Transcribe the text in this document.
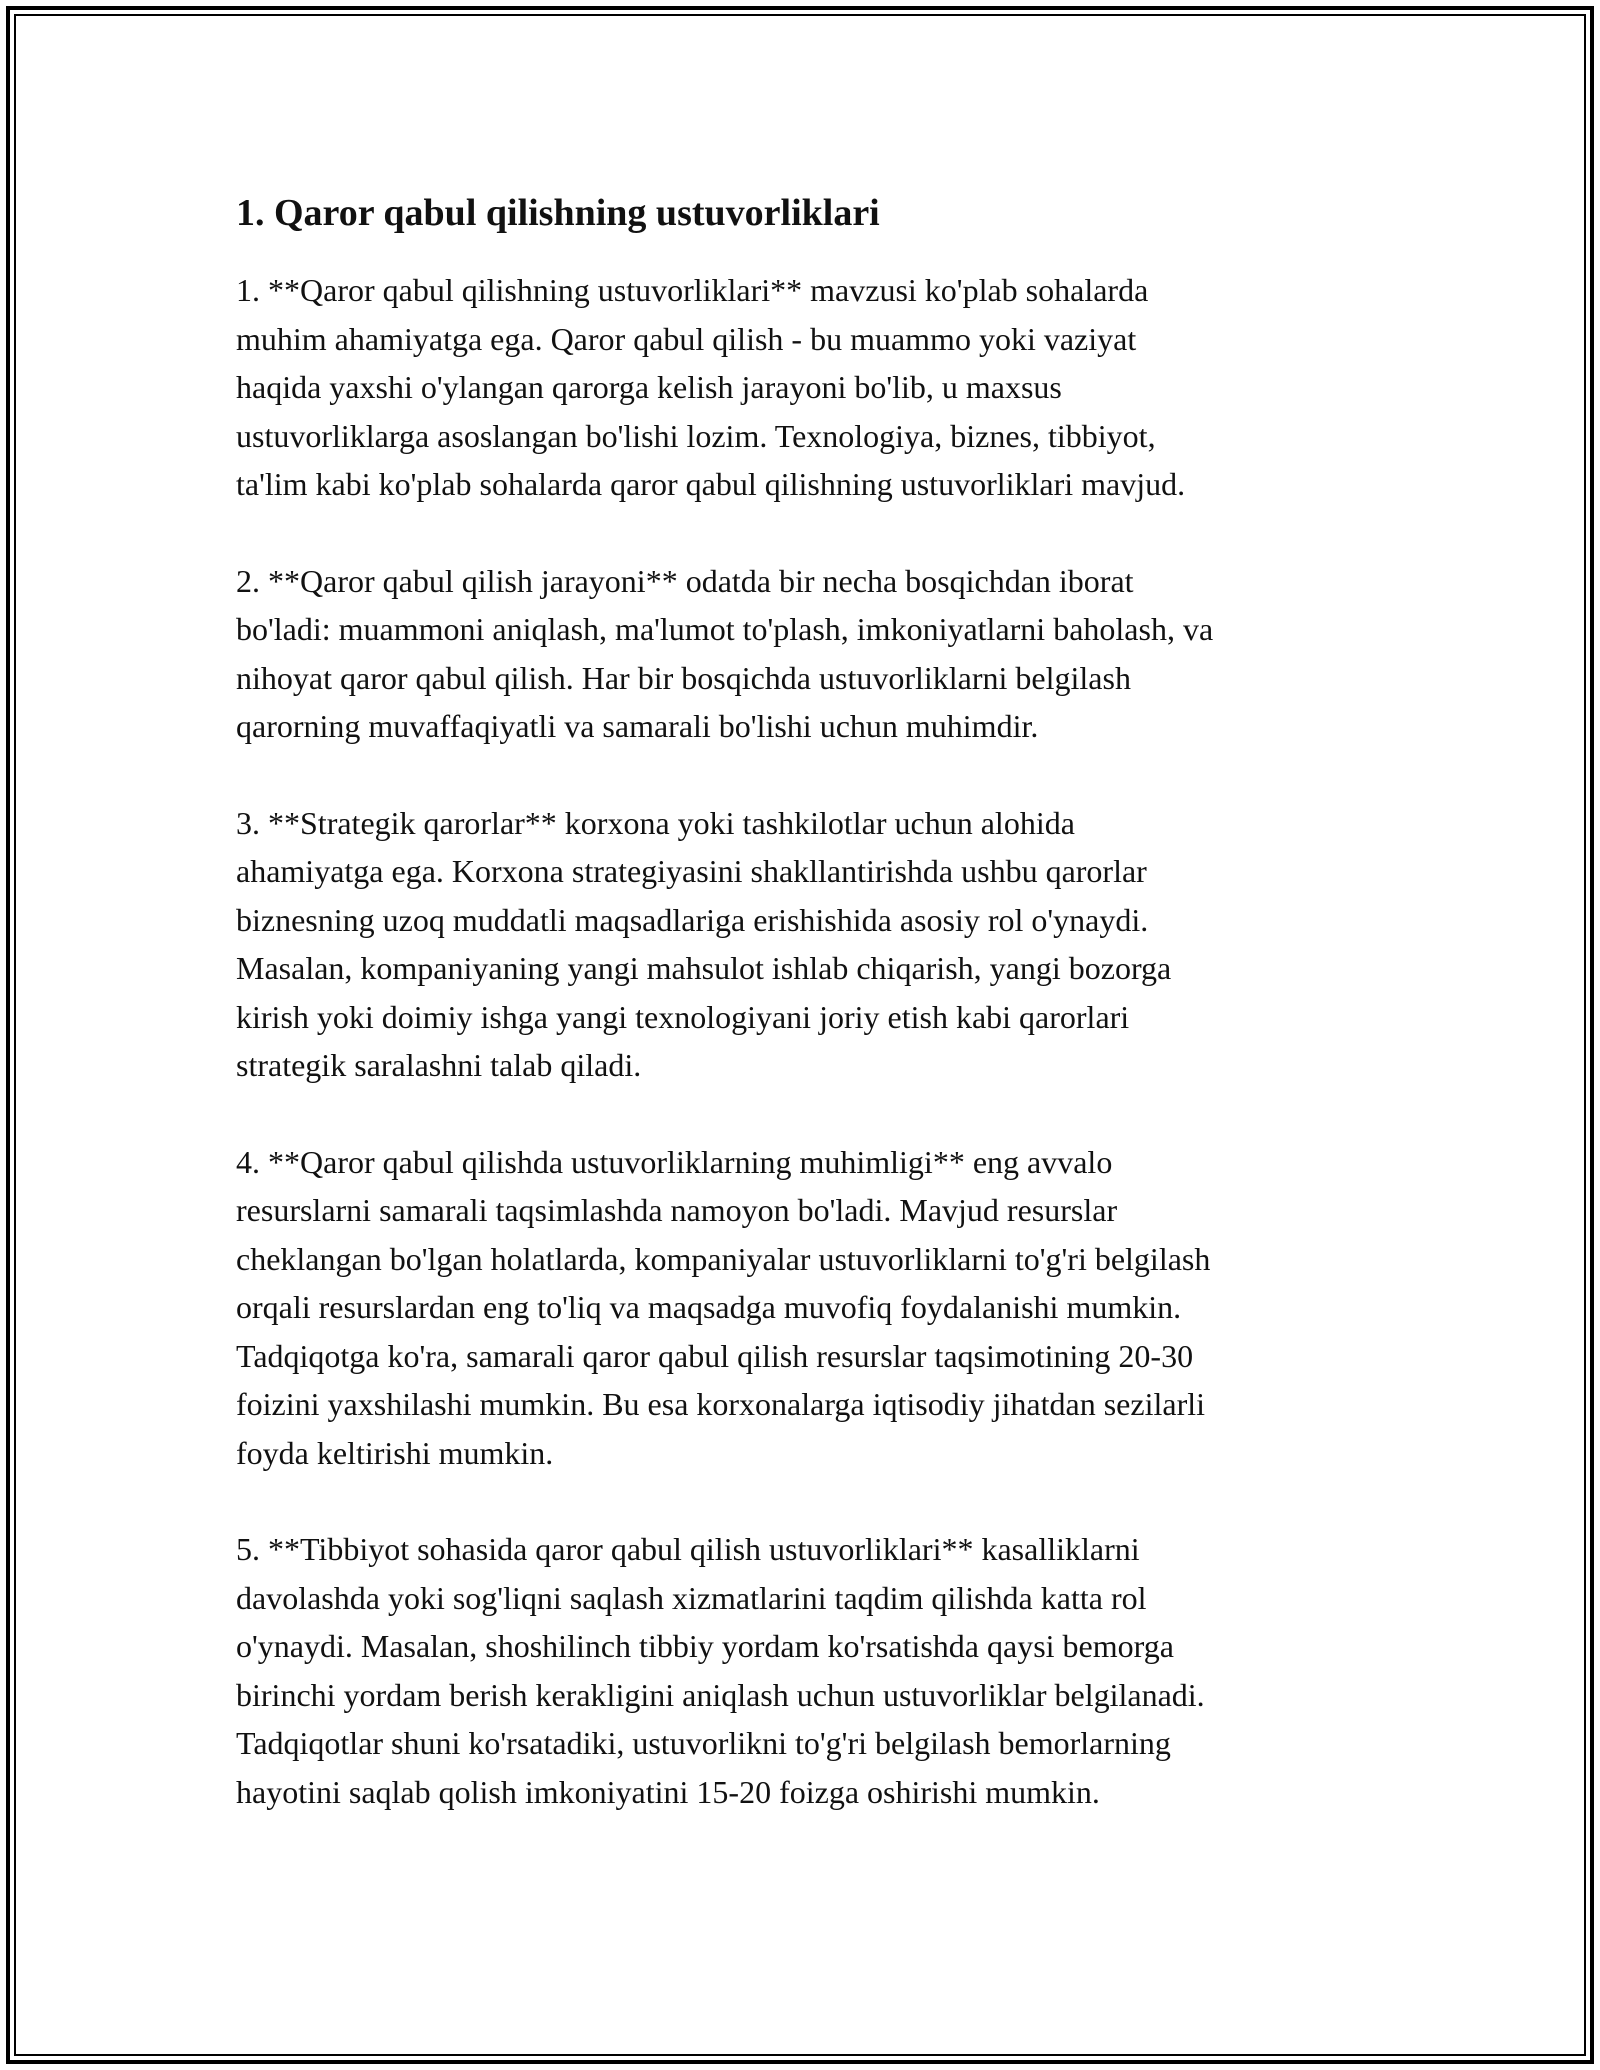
1. Qaror qabul qilishning ustuvorliklari

1. **Qaror qabul qilishning ustuvorliklari** mavzusi ko'plab sohalarda
muhim ahamiyatga ega. Qaror qabul qilish - bu muammo yoki vaziyat
haqida yaxshi o'ylangan qarorga kelish jarayoni bo'lib, u maxsus
ustuvorliklarga asoslangan bo'lishi lozim. Texnologiya, biznes, tibbiyot,
ta'lim kabi ko'plab sohalarda qaror qabul qilishning ustuvorliklari mavjud.

2. **Qaror qabul qilish jarayoni** odatda bir necha bosqichdan iborat
bo'ladi: muammoni aniqlash, ma'lumot to'plash, imkoniyatlarni baholash, va
nihoyat qaror qabul qilish. Har bir bosqichda ustuvorliklarni belgilash
qarorning muvaffaqiyatli va samarali bo'lishi uchun muhimdir.

3. **Strategik qarorlar** korxona yoki tashkilotlar uchun alohida
ahamiyatga ega. Korxona strategiyasini shakllantirishda ushbu qarorlar
biznesning uzoq muddatli maqsadlariga erishishida asosiy rol o'ynaydi.
Masalan, kompaniyaning yangi mahsulot ishlab chiqarish, yangi bozorga
kirish yoki doimiy ishga yangi texnologiyani joriy etish kabi qarorlari
strategik saralashni talab qiladi.

4. **Qaror qabul qilishda ustuvorliklarning muhimligi** eng avvalo
resurslarni samarali taqsimlashda namoyon bo'ladi. Mavjud resurslar
cheklangan bo'lgan holatlarda, kompaniyalar ustuvorliklarni to'g'ri belgilash
orqali resurslardan eng to'liq va maqsadga muvofiq foydalanishi mumkin.
Tadqiqotga ko'ra, samarali qaror qabul qilish resurslar taqsimotining 20-30
foizini yaxshilashi mumkin. Bu esa korxonalarga iqtisodiy jihatdan sezilarli
foyda keltirishi mumkin.

5. **Tibbiyot sohasida qaror qabul qilish ustuvorliklari** kasalliklarni
davolashda yoki sog'liqni saqlash xizmatlarini taqdim qilishda katta rol
o'ynaydi. Masalan, shoshilinch tibbiy yordam ko'rsatishda qaysi bemorga
birinchi yordam berish kerakligini aniqlash uchun ustuvorliklar belgilanadi.
Tadqiqotlar shuni ko'rsatadiki, ustuvorlikni to'g'ri belgilash bemorlarning
hayotini saqlab qolish imkoniyatini 15-20 foizga oshirishi mumkin.
